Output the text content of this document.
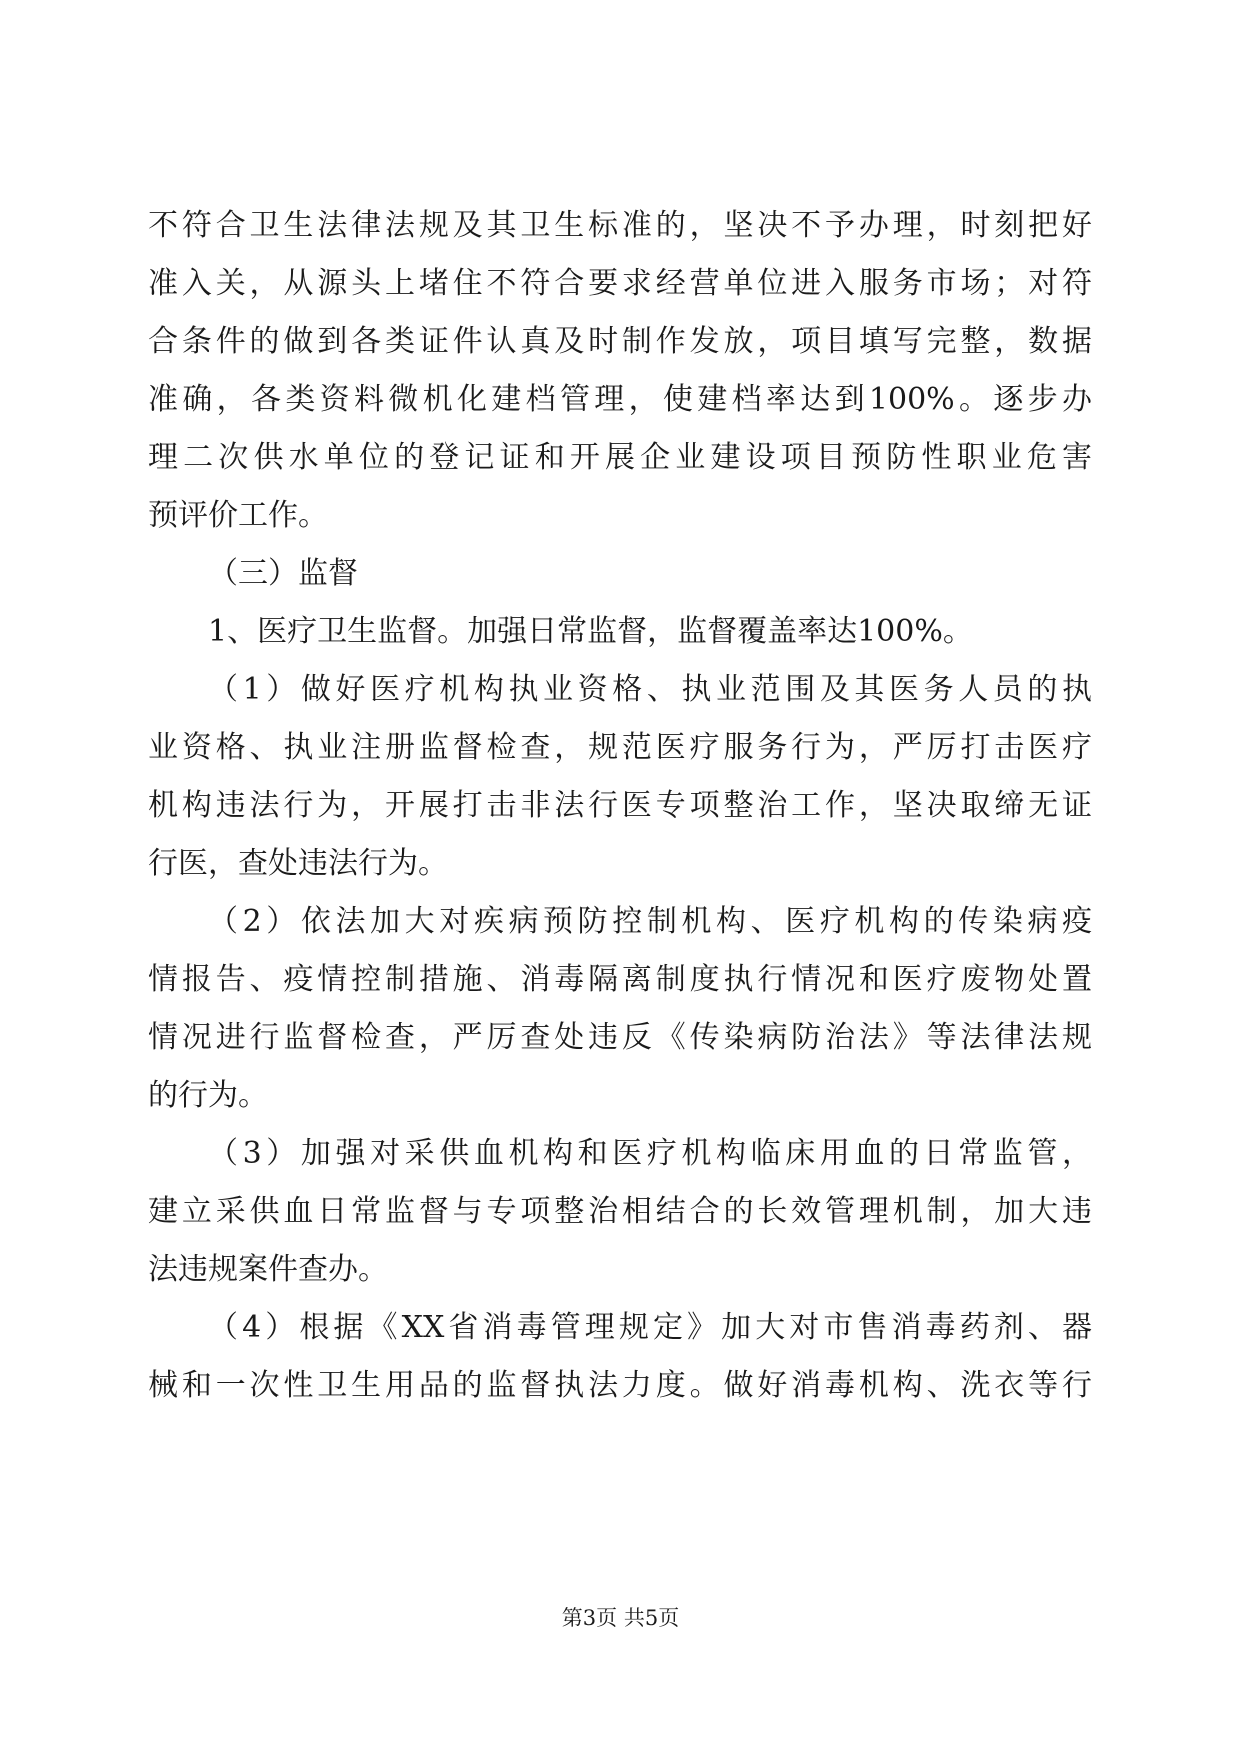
不符合卫生法律法规及其卫生标准的，坚决不予办理，时刻把好
准入关，从源头上堵住不符合要求经营单位进入服务市场；对符
合条件的做到各类证件认真及时制作发放，项目填写完整，数据
准确，各类资料微机化建档管理，使建档率达到100%。逐步办
理二次供水单位的登记证和开展企业建设项目预防性职业危害
预评价工作。
（三）监督
1、医疗卫生监督。加强日常监督，监督覆盖率达100%。
（1）做好医疗机构执业资格、执业范围及其医务人员的执
业资格、执业注册监督检查，规范医疗服务行为，严厉打击医疗
机构违法行为，开展打击非法行医专项整治工作，坚决取缔无证
行医，查处违法行为。
（2）依法加大对疾病预防控制机构、医疗机构的传染病疫
情报告、疫情控制措施、消毒隔离制度执行情况和医疗废物处置
情况进行监督检查，严厉查处违反《传染病防治法》等法律法规
的行为。
（3）加强对采供血机构和医疗机构临床用血的日常监管，
建立采供血日常监督与专项整治相结合的长效管理机制，加大违
法违规案件查办。
（4）根据《XX省消毒管理规定》加大对市售消毒药剂、器
械和一次性卫生用品的监督执法力度。做好消毒机构、洗衣等行
第3页 共5页
